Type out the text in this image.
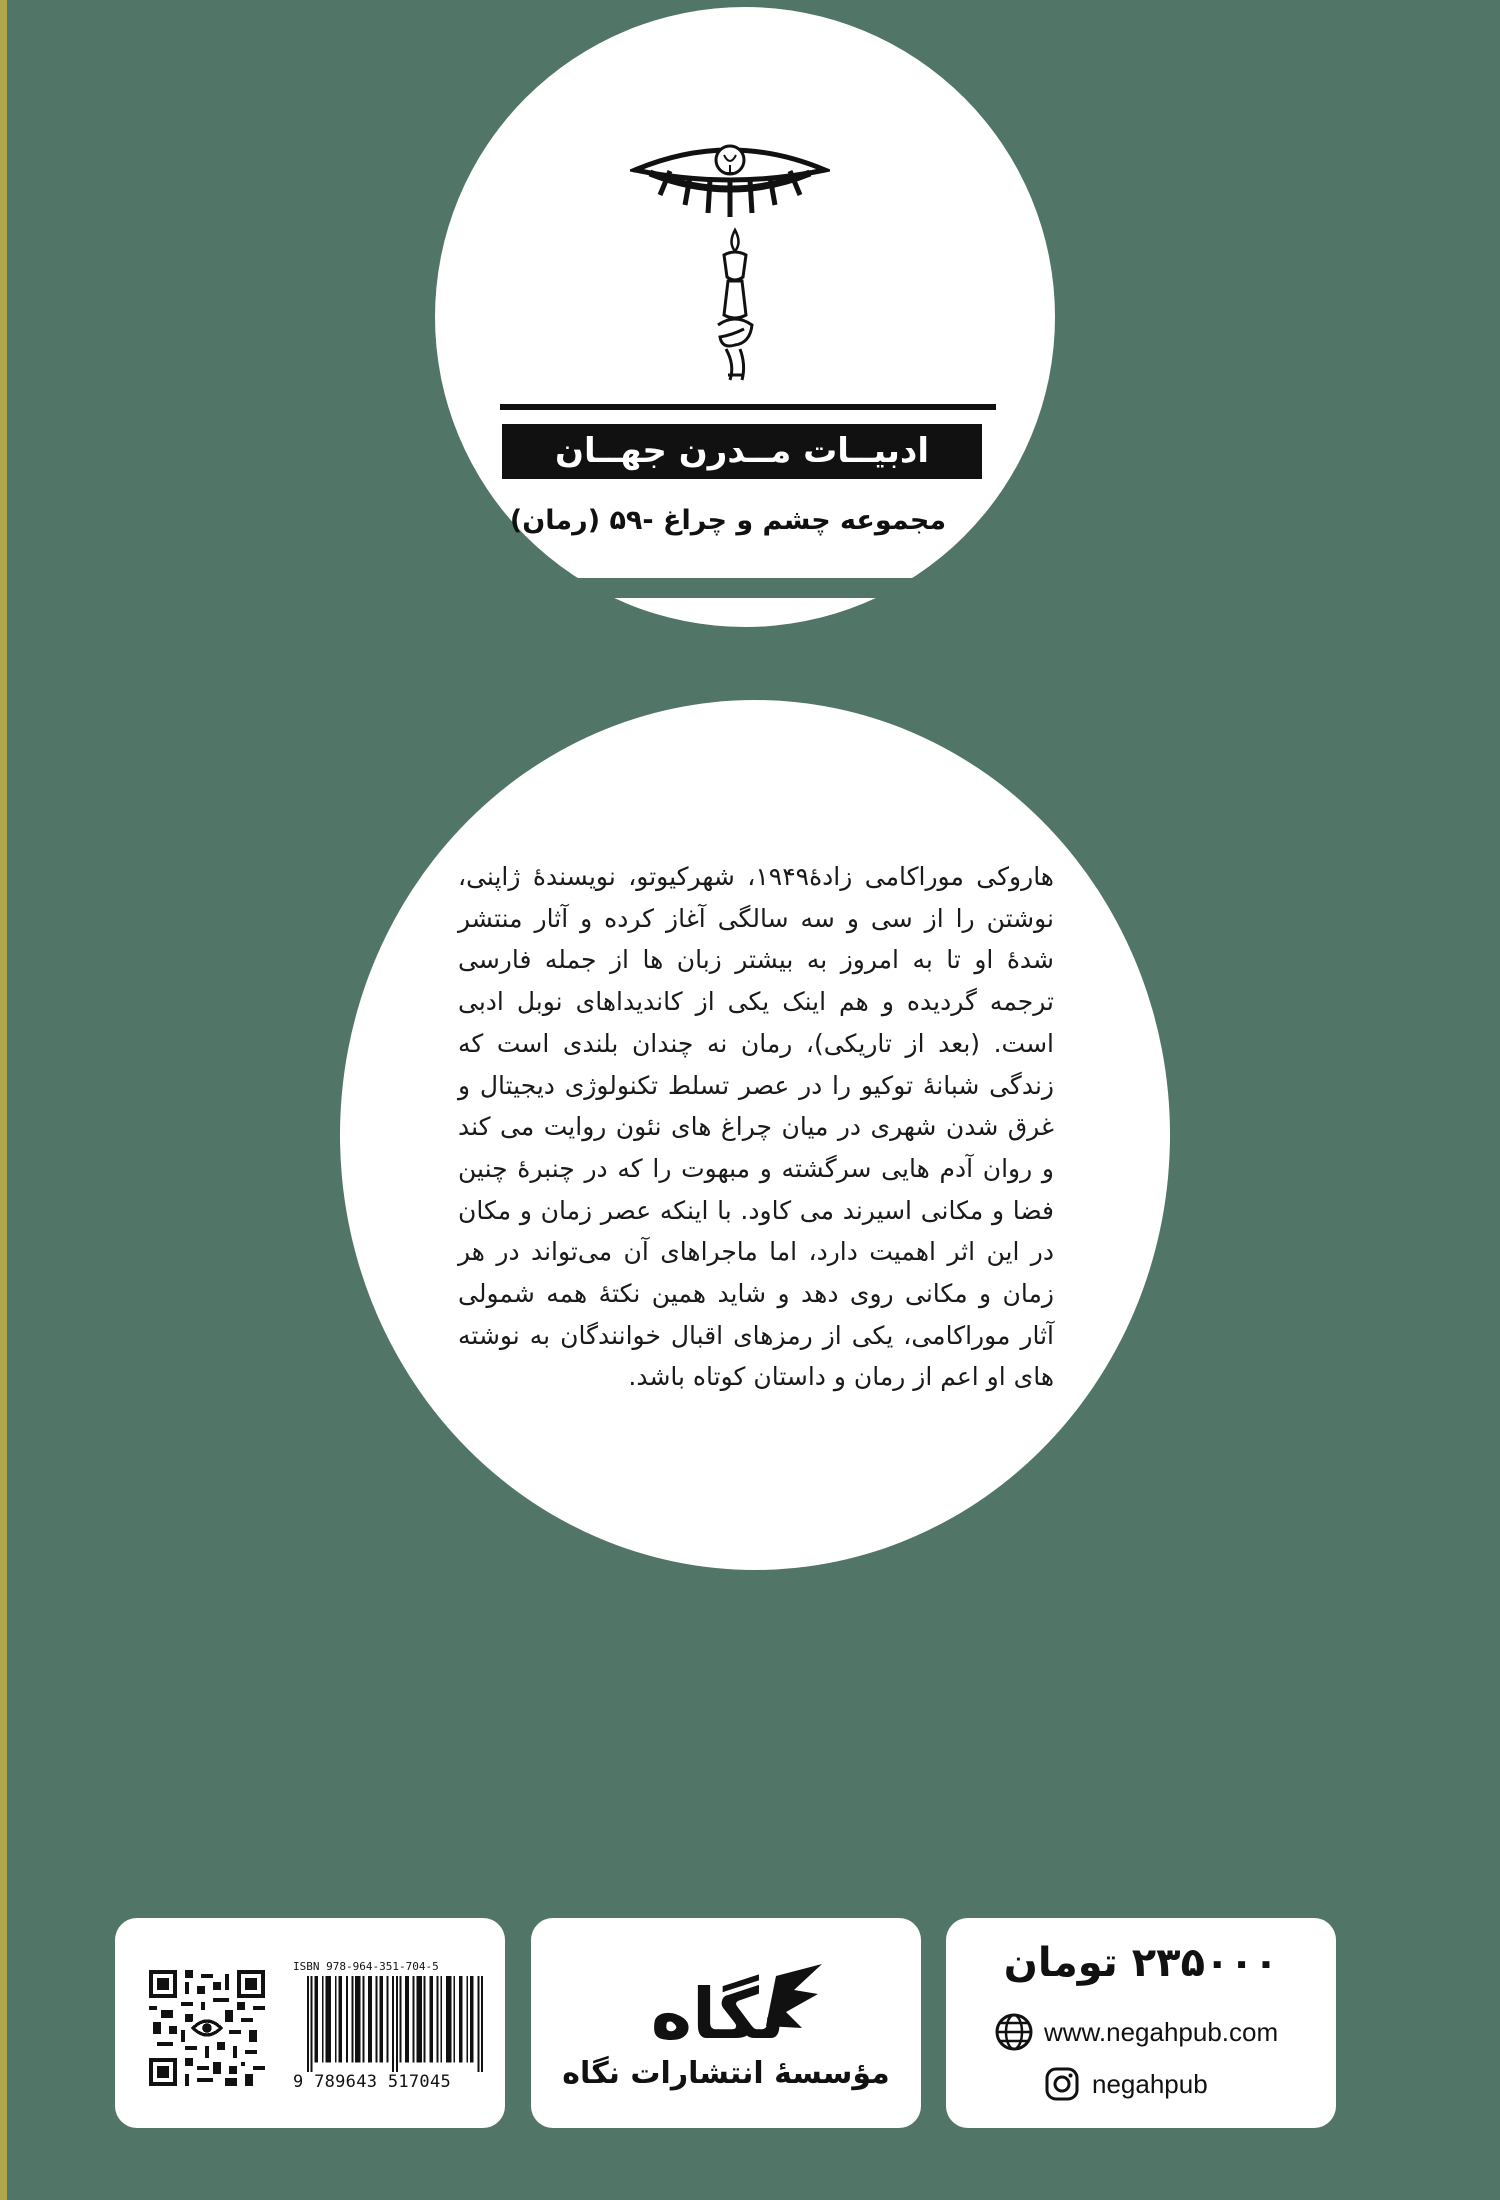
ادبیــات مــدرن جهــان
مجموعه چشم و چراغ -۵۹ (رمان)

هاروکی موراکامی زادهٔ۱۹۴۹، شهرکیوتو، نویسندهٔ ژاپنی، نوشتن را از سی و سه سالگی آغاز کرده و آثار منتشر شدهٔ او تا به امروز به بیشتر زبان ها از جمله فارسی ترجمه گردیده و هم اینک یکی از کاندیداهای نوبل ادبی است. (بعد از تاریکی)، رمان نه چندان بلندی است که زندگی شبانهٔ توکیو را در عصر تسلط تکنولوژی دیجیتال و غرق شدن شهری در میان چراغ های نئون روایت می کند و روان آدم هایی سرگشته و مبهوت را که در چنبرهٔ چنین فضا و مکانی اسیرند می کاود. با اینکه عصر زمان و مکان در این اثر اهمیت دارد، اما ماجراهای آن می‌تواند در هر زمان و مکانی روی دهد و شاید همین نکتهٔ همه شمولی آثار موراکامی، یکی از رمزهای اقبال خوانندگان به نوشته های او اعم از رمان و داستان کوتاه باشد.

ISBN 978-964-351-704-5
9 789643 517045
نگاه
مؤسسهٔ انتشارات نگاه
۲۳۵۰۰۰ تومان
www.negahpub.com
negahpub
